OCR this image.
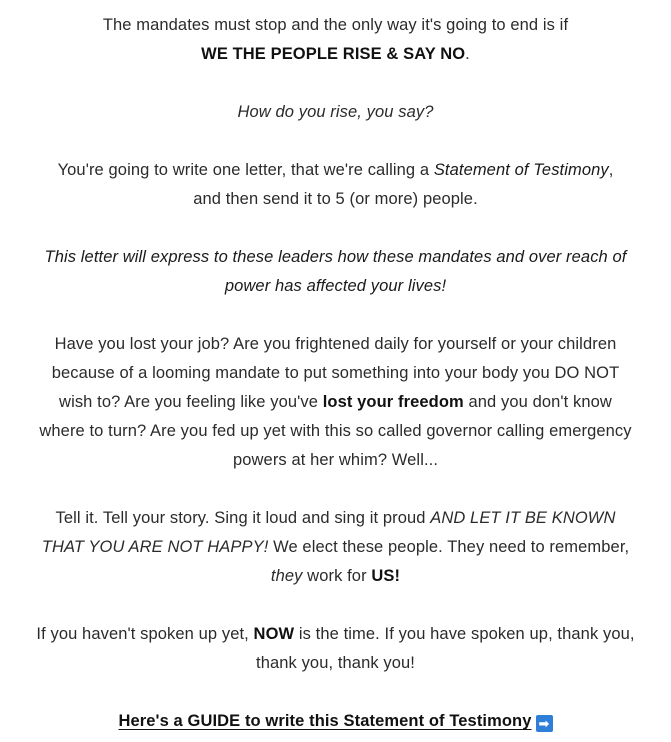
The mandates must stop and the only way it's going to end is if
WE THE PEOPLE RISE & SAY NO.

How do you rise, you say?

You're going to write one letter, that we're calling a Statement of Testimony, and then send it to 5 (or more) people.

This letter will express to these leaders how these mandates and over reach of power has affected your lives!

Have you lost your job? Are you frightened daily for yourself or your children because of a looming mandate to put something into your body you DO NOT wish to? Are you feeling like you've lost your freedom and you don't know where to turn? Are you fed up yet with this so called governor calling emergency powers at her whim? Well...

Tell it. Tell your story. Sing it loud and sing it proud AND LET IT BE KNOWN THAT YOU ARE NOT HAPPY! We elect these people. They need to remember, they work for US!

If you haven't spoken up yet, NOW is the time. If you have spoken up, thank you, thank you, thank you!

Here's a GUIDE to write this Statement of Testimony ➡
